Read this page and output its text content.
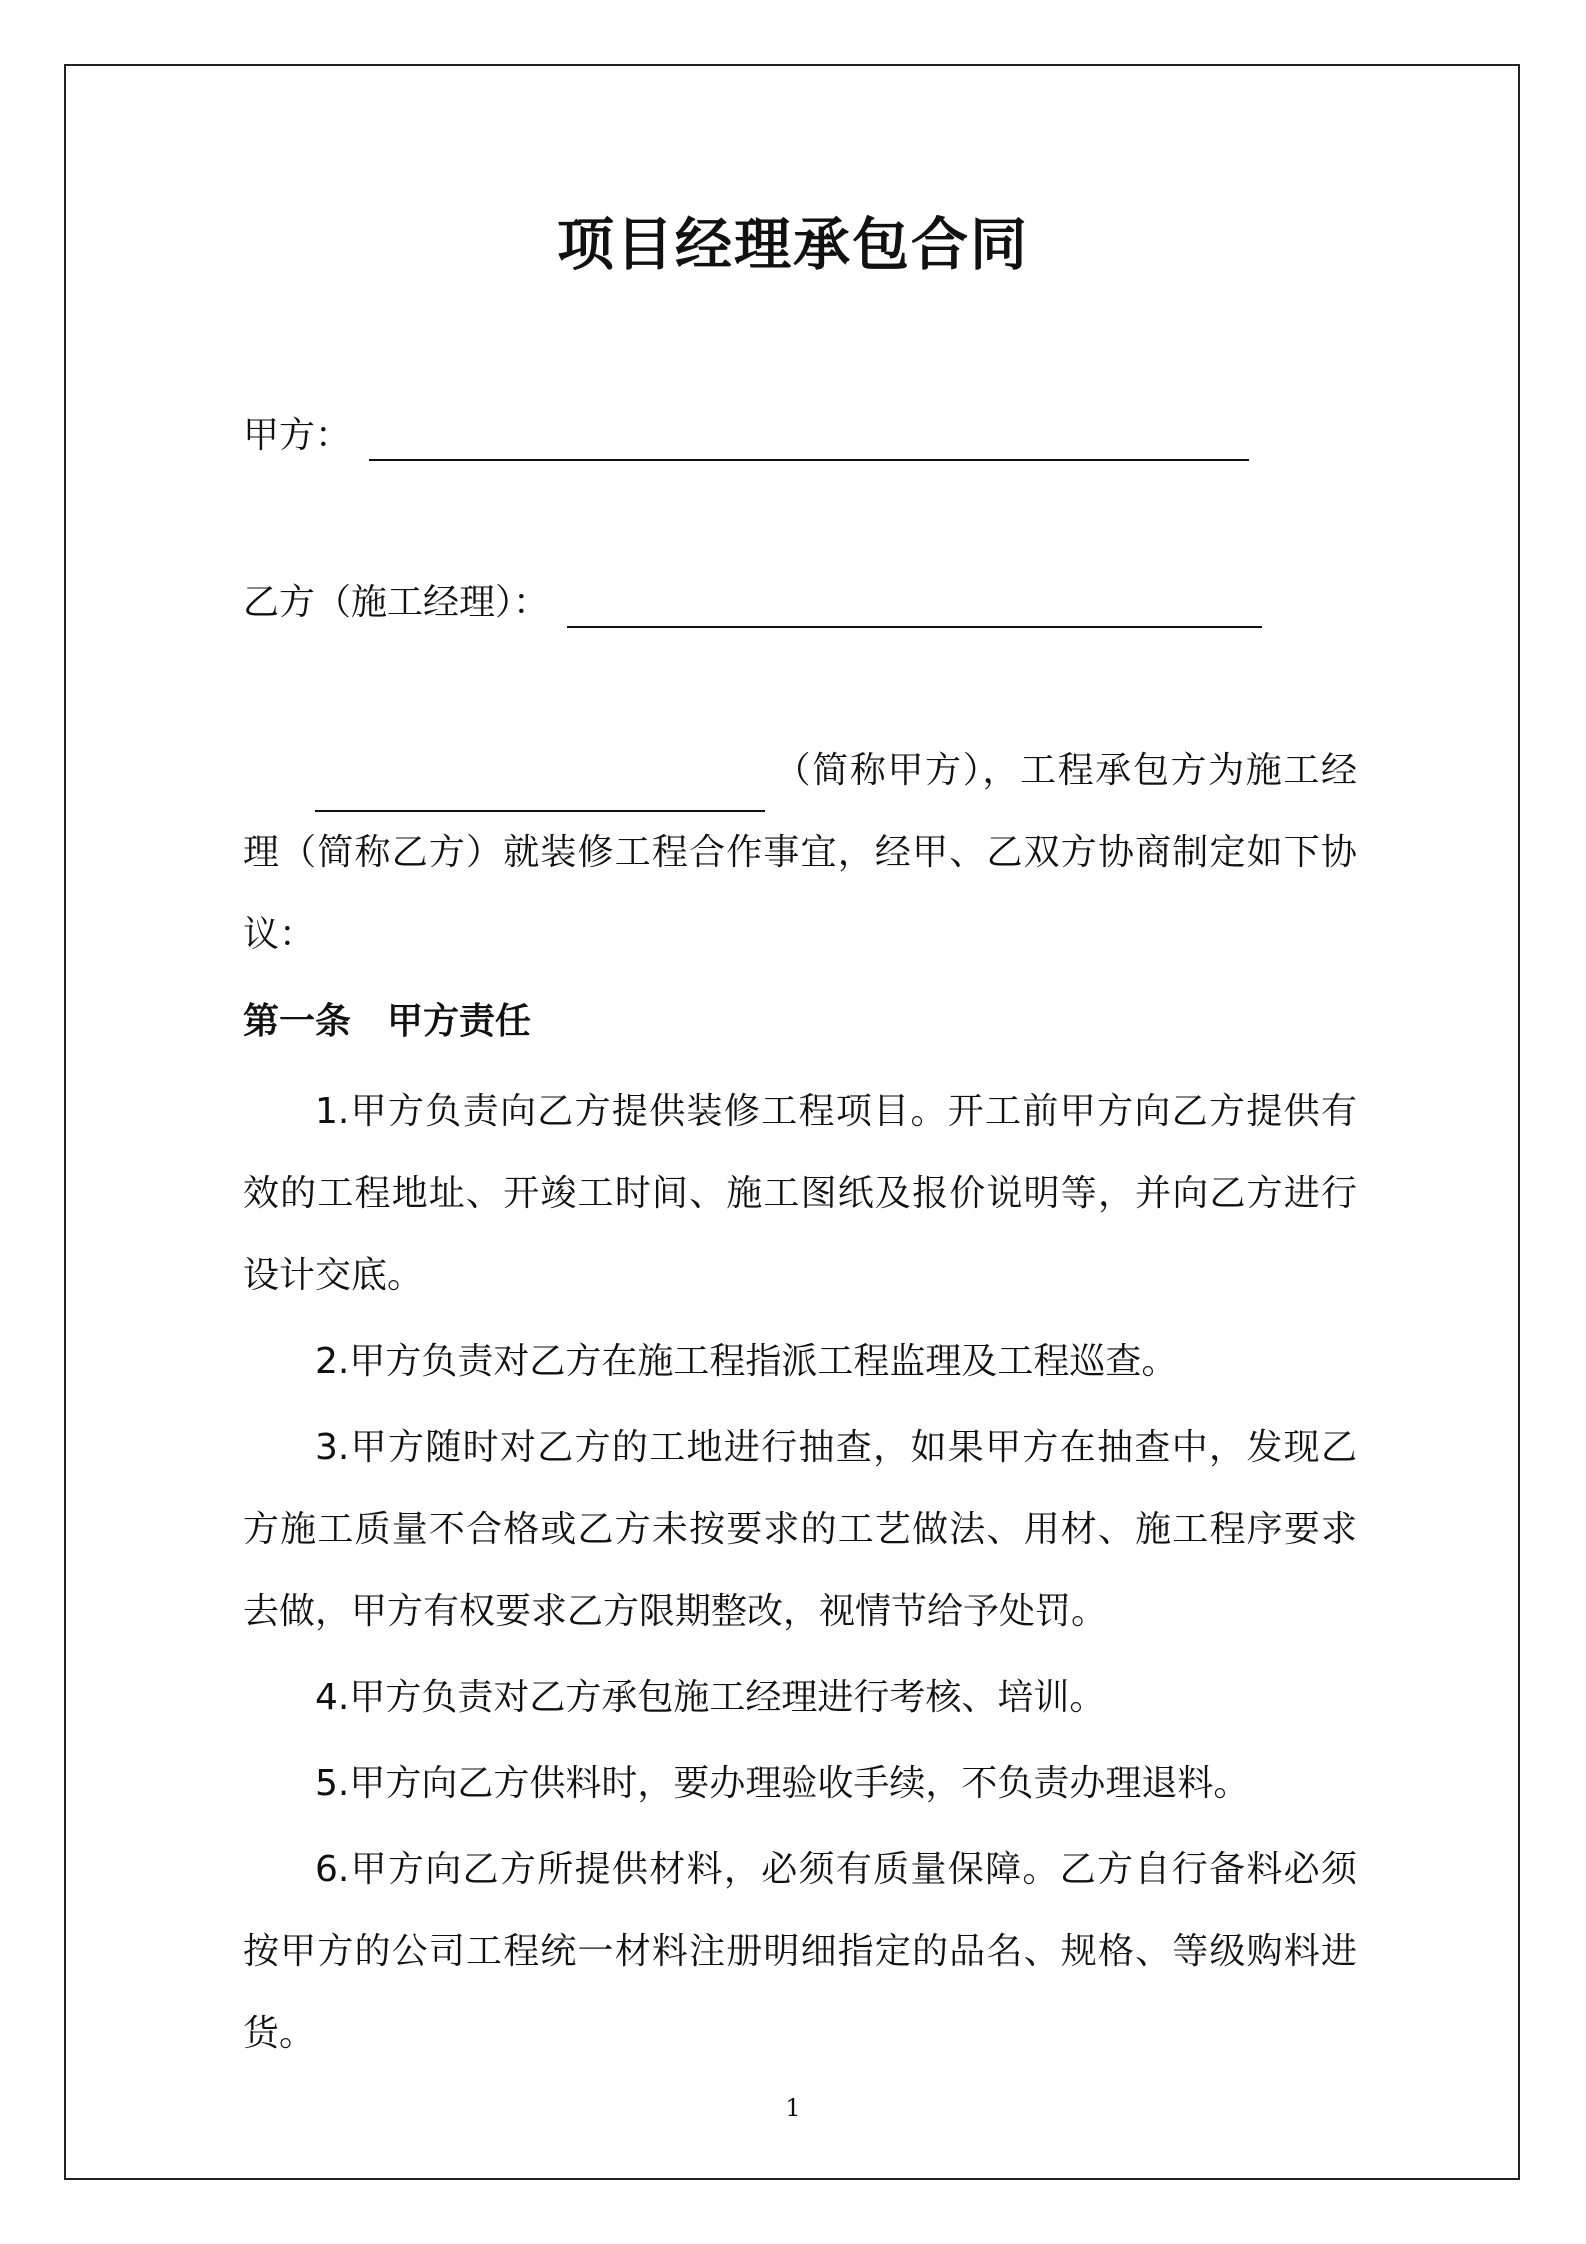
项目经理承包合同
甲方：
乙方（施工经理）：
（简称甲方），工程承包方为施工经理（简称乙方）就装修工程合作事宜，经甲、乙双方协商制定如下协议：
第一条 甲方责任

1.甲方负责向乙方提供装修工程项目。开工前甲方向乙方提供有效的工程地址、开竣工时间、施工图纸及报价说明等，并向乙方进行设计交底。

2.甲方负责对乙方在施工程指派工程监理及工程巡查。

3.甲方随时对乙方的工地进行抽查，如果甲方在抽查中，发现乙方施工质量不合格或乙方未按要求的工艺做法、用材、施工程序要求去做，甲方有权要求乙方限期整改，视情节给予处罚。

4.甲方负责对乙方承包施工经理进行考核、培训。

5.甲方向乙方供料时，要办理验收手续，不负责办理退料。

6.甲方向乙方所提供材料，必须有质量保障。乙方自行备料必须按甲方的公司工程统一材料注册明细指定的品名、规格、等级购料进货。

1
